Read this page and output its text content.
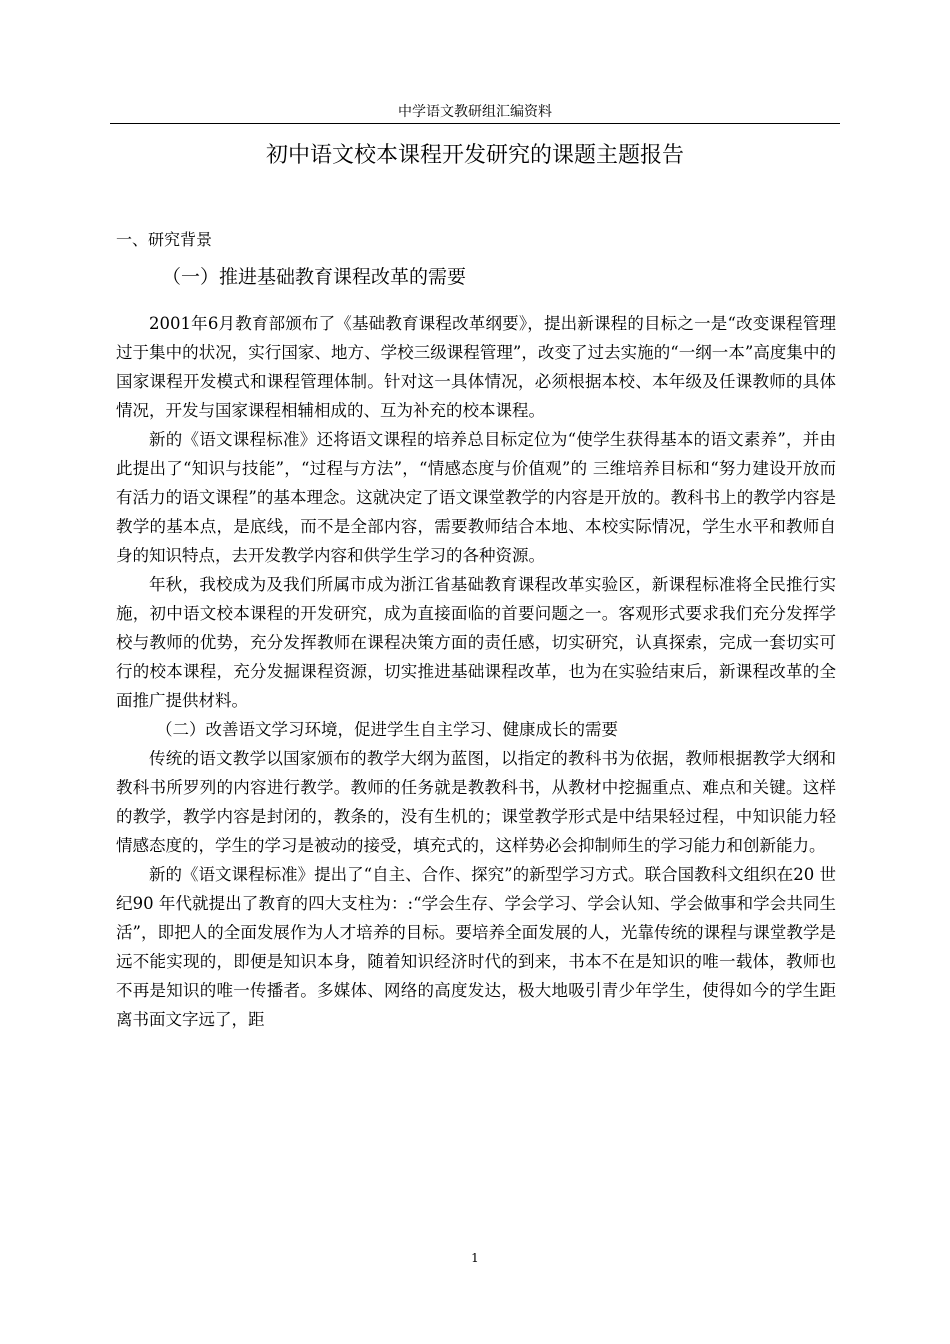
中学语文教研组汇编资料
初中语文校本课程开发研究的课题主题报告
一、研究背景
（一）推进基础教育课程改革的需要

2001年6月教育部颁布了《基础教育课程改革纲要》，提出新课程的目标之一是“改变课程管理过于集中的状况，实行国家、地方、学校三级课程管理”，改变了过去实施的“一纲一本”高度集中的国家课程开发模式和课程管理体制。针对这一具体情况，必须根据本校、本年级及任课教师的具体情况，开发与国家课程相辅相成的、互为补充的校本课程。

新的《语文课程标准》还将语文课程的培养总目标定位为“使学生获得基本的语文素养”，并由此提出了“知识与技能”，“过程与方法”，“情感态度与价值观”的 三维培养目标和“努力建设开放而有活力的语文课程”的基本理念。这就决定了语文课堂教学的内容是开放的。教科书上的教学内容是教学的基本点，是底线，而不是全部内容，需要教师结合本地、本校实际情况，学生水平和教师自身的知识特点，去开发教学内容和供学生学习的各种资源。

年秋，我校成为及我们所属市成为浙江省基础教育课程改革实验区，新课程标准将全民推行实施，初中语文校本课程的开发研究，成为直接面临的首要问题之一。客观形式要求我们充分发挥学校与教师的优势，充分发挥教师在课程决策方面的责任感，切实研究，认真探索，完成一套切实可行的校本课程，充分发掘课程资源，切实推进基础课程改革，也为在实验结束后，新课程改革的全面推广提供材料。

（二）改善语文学习环境，促进学生自主学习、健康成长的需要

传统的语文教学以国家颁布的教学大纲为蓝图，以指定的教科书为依据，教师根据教学大纲和教科书所罗列的内容进行教学。教师的任务就是教教科书，从教材中挖掘重点、难点和关键。这样的教学，教学内容是封闭的，教条的，没有生机的；课堂教学形式是中结果轻过程，中知识能力轻情感态度的，学生的学习是被动的接受，填充式的，这样势必会抑制师生的学习能力和创新能力。

新的《语文课程标准》提出了“自主、合作、探究”的新型学习方式。联合国教科文组织在20 世纪90 年代就提出了教育的四大支柱为：:“学会生存、学会学习、学会认知、学会做事和学会共同生活”，即把人的全面发展作为人才培养的目标。要培养全面发展的人，光靠传统的课程与课堂教学是远不能实现的，即便是知识本身，随着知识经济时代的到来，书本不在是知识的唯一载体，教师也不再是知识的唯一传播者。多媒体、网络的高度发达，极大地吸引青少年学生，使得如今的学生距离书面文字远了，距

1
